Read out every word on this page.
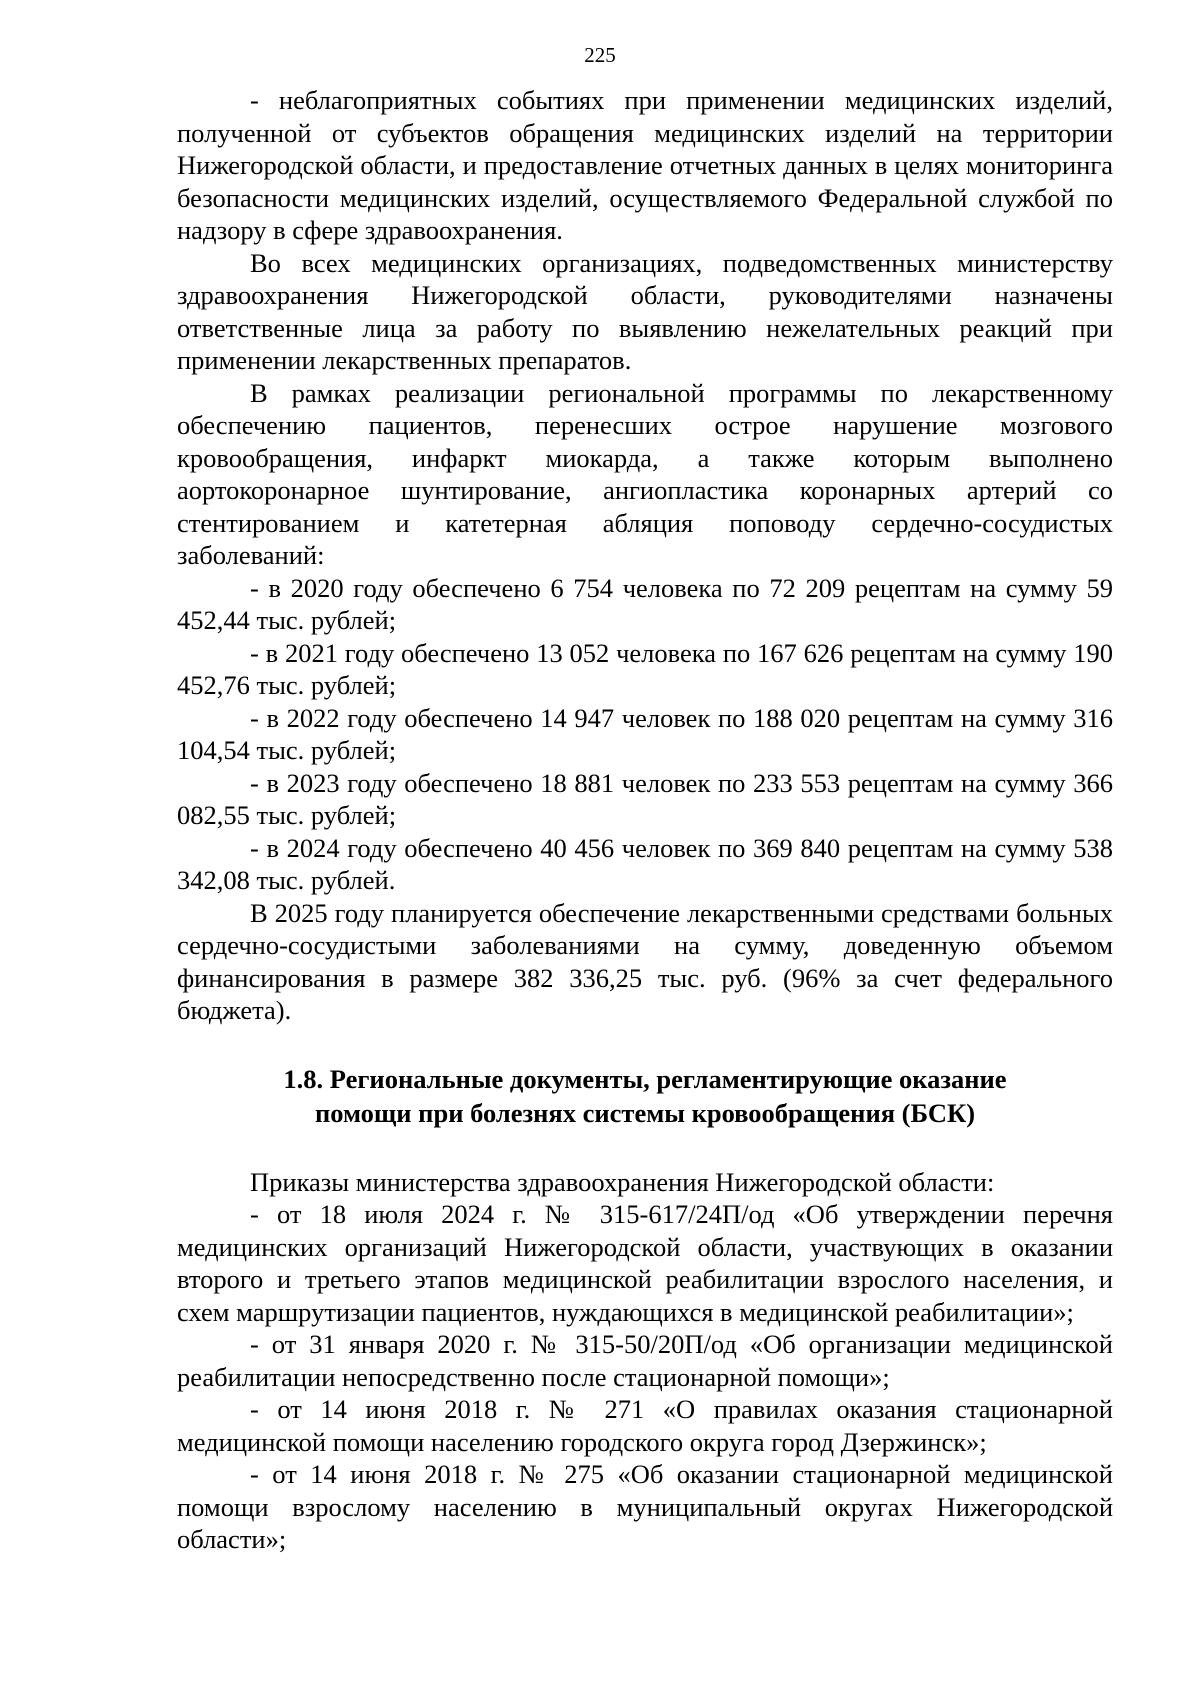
225

- неблагоприятных событиях при применении медицинских изделий, полученной от субъектов обращения медицинских изделий на территории Нижегородской области, и предоставление отчетных данных в целях мониторинга безопасности медицинских изделий, осуществляемого Федеральной службой по надзору в сфере здравоохранения.

Во всех медицинских организациях, подведомственных министерству здравоохранения Нижегородской области, руководителями назначены ответственные лица за работу по выявлению нежелательных реакций при применении лекарственных препаратов.

В рамках реализации региональной программы по лекарственному обеспечению пациентов, перенесших острое нарушение мозгового кровообращения, инфаркт миокарда, а также которым выполнено аортокоронарное шунтирование, ангиопластика коронарных артерий со стентированием и катетерная абляция поповоду сердечно-сосудистых заболеваний:

- в 2020 году обеспечено 6 754 человека по 72 209 рецептам на сумму 59 452,44 тыс. рублей;

- в 2021 году обеспечено 13 052 человека по 167 626 рецептам на сумму 190 452,76 тыс. рублей;

- в 2022 году обеспечено 14 947 человек по 188 020 рецептам на сумму 316 104,54 тыс. рублей;

- в 2023 году обеспечено 18 881 человек по 233 553 рецептам на сумму 366 082,55 тыс. рублей;

- в 2024 году обеспечено 40 456 человек по 369 840 рецептам на сумму 538 342,08 тыс. рублей.

В 2025 году планируется обеспечение лекарственными средствами больных сердечно-сосудистыми заболеваниями на сумму, доведенную объемом финансирования в размере 382 336,25 тыс. руб. (96% за счет федерального бюджета).

1.8. Региональные документы, регламентирующие оказание
помощи при болезнях системы кровообращения (БСК)

Приказы министерства здравоохранения Нижегородской области:

- от 18 июля 2024 г. № 315-617/24П/од «Об утверждении перечня медицинских организаций Нижегородской области, участвующих в оказании второго и третьего этапов медицинской реабилитации взрослого населения, и схем маршрутизации пациентов, нуждающихся в медицинской реабилитации»;

- от 31 января 2020 г. № 315-50/20П/од «Об организации медицинской реабилитации непосредственно после стационарной помощи»;

- от 14 июня 2018 г. № 271 «О правилах оказания стационарной медицинской помощи населению городского округа город Дзержинск»;

- от 14 июня 2018 г. № 275 «Об оказании стационарной медицинской помощи взрослому населению в муниципальный округах Нижегородской области»;
